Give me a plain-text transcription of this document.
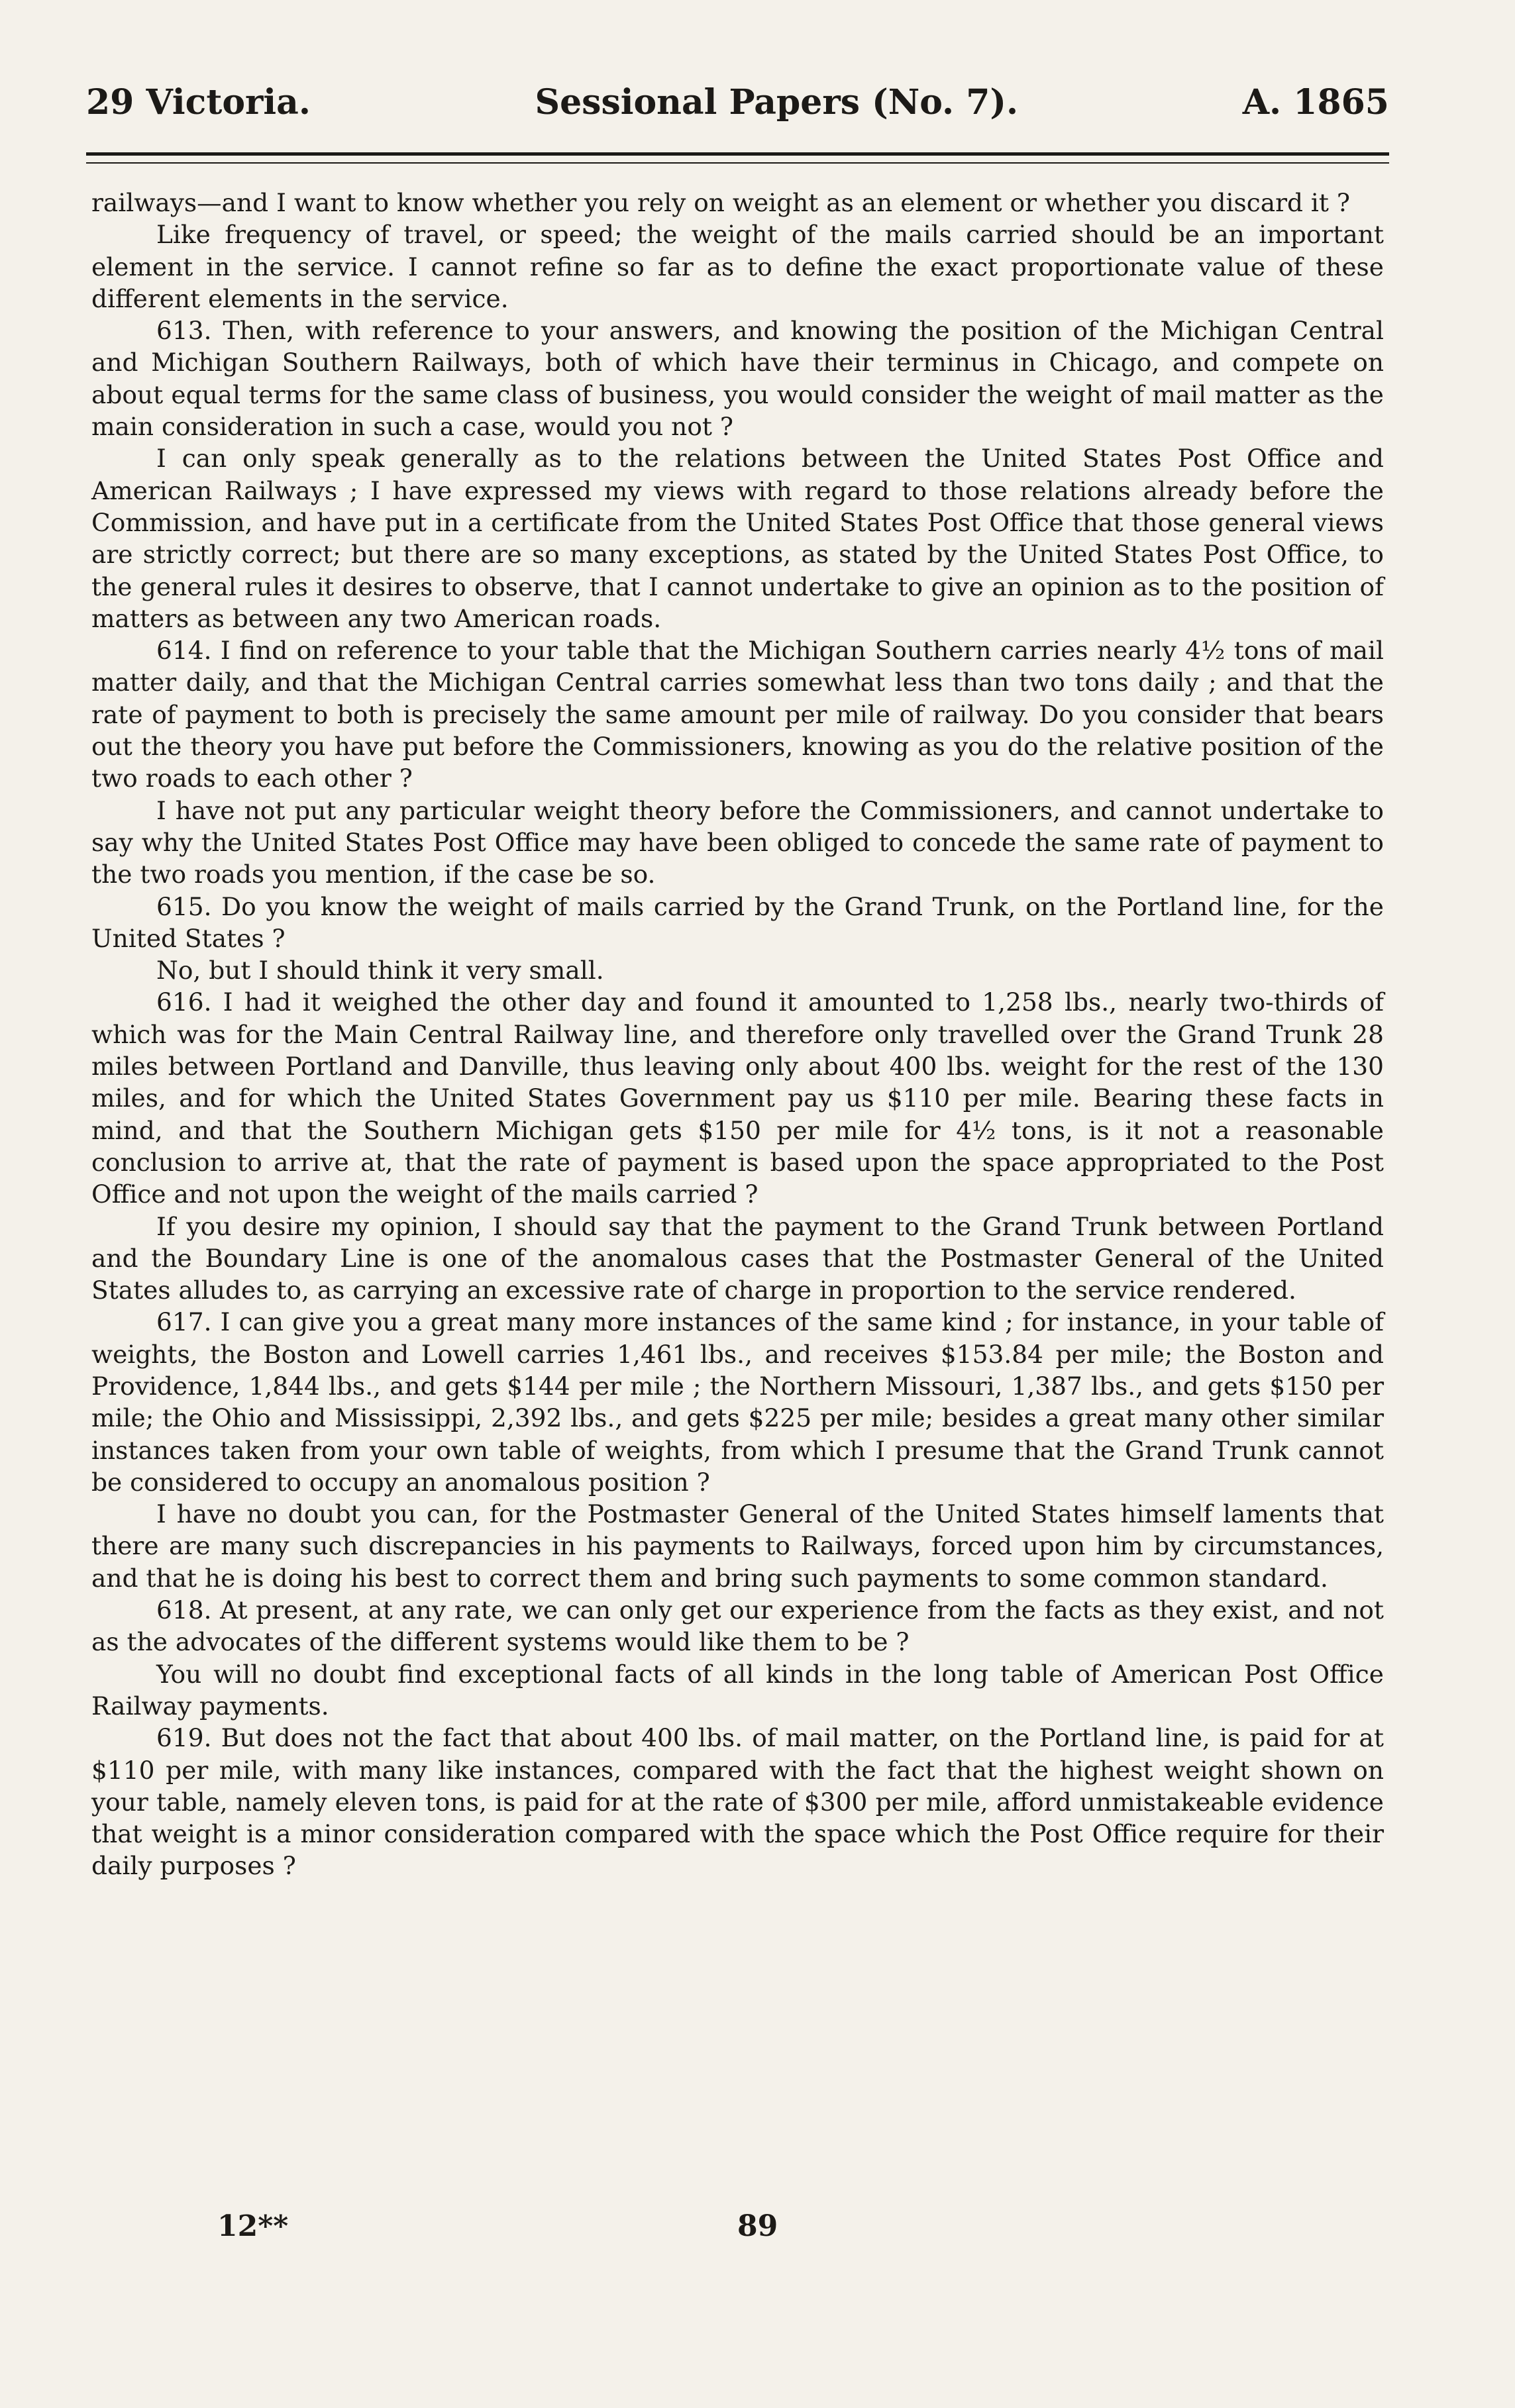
29 Victoria.	Sessional Papers (No. 7).	A. 1865

railways—and I want to know whether you rely on weight as an element or whether you discard it ?

Like frequency of travel, or speed; the weight of the mails carried should be an important element in the service. I cannot refine so far as to define the exact proportionate value of these different elements in the service.

613. Then, with reference to your answers, and knowing the position of the Michigan Central and Michigan Southern Railways, both of which have their terminus in Chicago, and compete on about equal terms for the same class of business, you would consider the weight of mail matter as the main consideration in such a case, would you not ?

I can only speak generally as to the relations between the United States Post Office and American Railways ; I have expressed my views with regard to those relations already before the Commission, and have put in a certificate from the United States Post Office that those general views are strictly correct; but there are so many exceptions, as stated by the United States Post Office, to the general rules it desires to observe, that I cannot undertake to give an opinion as to the position of matters as between any two American roads.

614. I find on reference to your table that the Michigan Southern carries nearly 4½ tons of mail matter daily, and that the Michigan Central carries somewhat less than two tons daily ; and that the rate of payment to both is precisely the same amount per mile of railway. Do you consider that bears out the theory you have put before the Commissioners, knowing as you do the relative position of the two roads to each other ?

I have not put any particular weight theory before the Commissioners, and cannot undertake to say why the United States Post Office may have been obliged to concede the same rate of payment to the two roads you mention, if the case be so.

615. Do you know the weight of mails carried by the Grand Trunk, on the Portland line, for the United States ?

No, but I should think it very small.

616. I had it weighed the other day and found it amounted to 1,258 lbs., nearly two-thirds of which was for the Main Central Railway line, and therefore only travelled over the Grand Trunk 28 miles between Portland and Danville, thus leaving only about 400 lbs. weight for the rest of the 130 miles, and for which the United States Government pay us $110 per mile. Bearing these facts in mind, and that the Southern Michigan gets $150 per mile for 4½ tons, is it not a reasonable conclusion to arrive at, that the rate of payment is based upon the space appropriated to the Post Office and not upon the weight of the mails carried ?

If you desire my opinion, I should say that the payment to the Grand Trunk between Portland and the Boundary Line is one of the anomalous cases that the Postmaster General of the United States alludes to, as carrying an excessive rate of charge in proportion to the service rendered.

617. I can give you a great many more instances of the same kind ; for instance, in your table of weights, the Boston and Lowell carries 1,461 lbs., and receives $153.84 per mile; the Boston and Providence, 1,844 lbs., and gets $144 per mile ; the Northern Missouri, 1,387 lbs., and gets $150 per mile; the Ohio and Mississippi, 2,392 lbs., and gets $225 per mile; besides a great many other similar instances taken from your own table of weights, from which I presume that the Grand Trunk cannot be considered to occupy an anomalous position ?

I have no doubt you can, for the Postmaster General of the United States himself laments that there are many such discrepancies in his payments to Railways, forced upon him by circumstances, and that he is doing his best to correct them and bring such payments to some common standard.

618. At present, at any rate, we can only get our experience from the facts as they exist, and not as the advocates of the different systems would like them to be ?

You will no doubt find exceptional facts of all kinds in the long table of American Post Office Railway payments.

619. But does not the fact that about 400 lbs. of mail matter, on the Portland line, is paid for at $110 per mile, with many like instances, compared with the fact that the highest weight shown on your table, namely eleven tons, is paid for at the rate of $300 per mile, afford unmistakeable evidence that weight is a minor consideration compared with the space which the Post Office require for their daily purposes ?

12**	89
